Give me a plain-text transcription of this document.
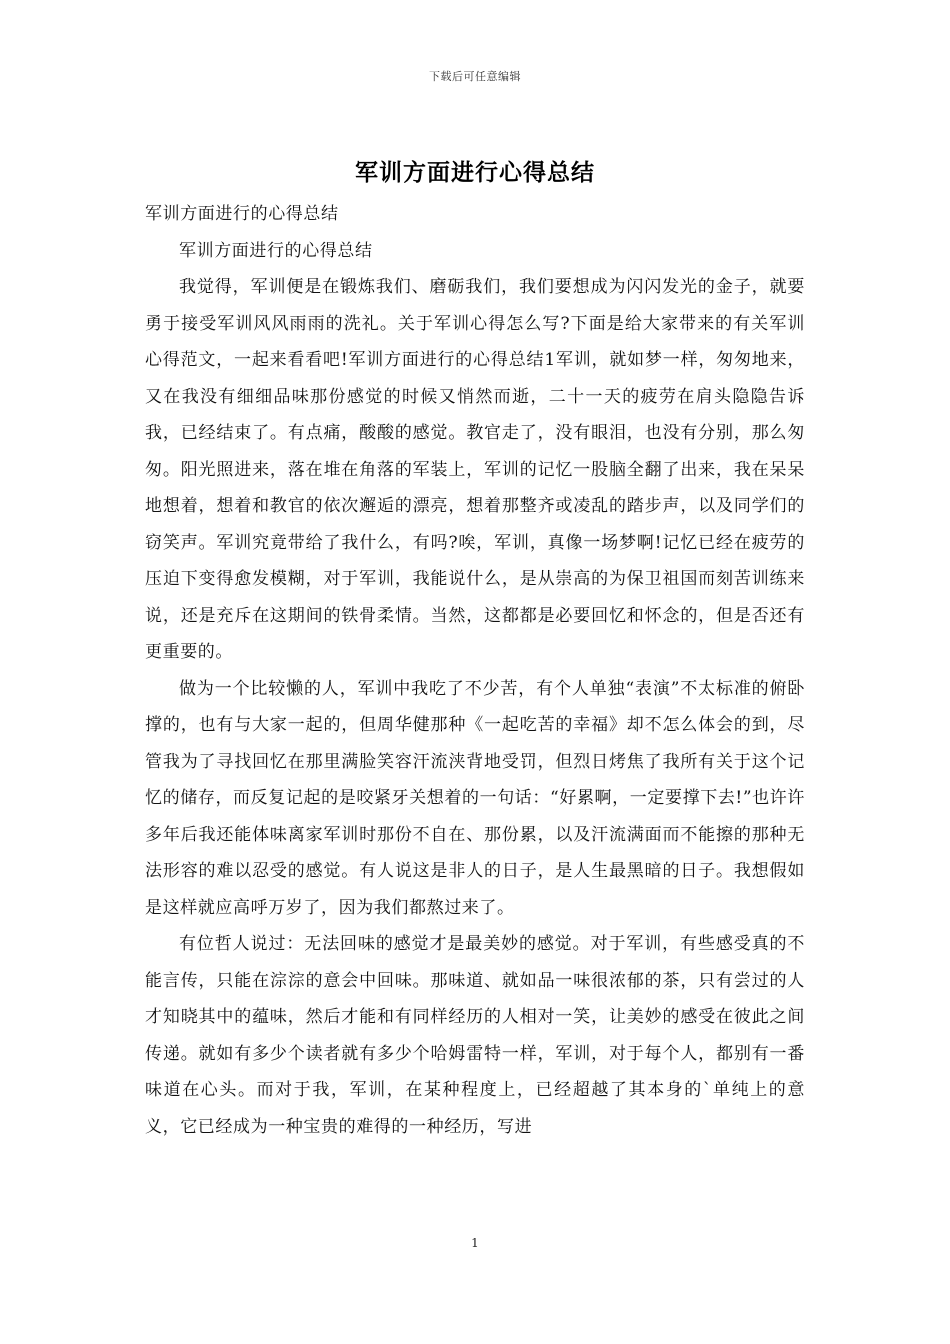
下载后可任意编辑
军训方面进行心得总结

军训方面进行的心得总结

军训方面进行的心得总结

我觉得，军训便是在锻炼我们、磨砺我们，我们要想成为闪闪发光的金子，就要勇于接受军训风风雨雨的洗礼。关于军训心得怎么写?下面是给大家带来的有关军训心得范文，一起来看看吧!军训方面进行的心得总结1军训，就如梦一样，匆匆地来，又在我没有细细品味那份感觉的时候又悄然而逝，二十一天的疲劳在肩头隐隐告诉我，已经结束了。有点痛，酸酸的感觉。教官走了，没有眼泪，也没有分别，那么匆匆。阳光照进来，落在堆在角落的军装上，军训的记忆一股脑全翻了出来，我在呆呆地想着，想着和教官的依次邂逅的漂亮，想着那整齐或凌乱的踏步声，以及同学们的窃笑声。军训究竟带给了我什么，有吗?唉，军训，真像一场梦啊!记忆已经在疲劳的压迫下变得愈发模糊，对于军训，我能说什么，是从崇高的为保卫祖国而刻苦训练来说，还是充斥在这期间的铁骨柔情。当然，这都都是必要回忆和怀念的，但是否还有更重要的。

做为一个比较懒的人，军训中我吃了不少苦，有个人单独“表演”不太标准的俯卧撑的，也有与大家一起的，但周华健那种《一起吃苦的幸福》却不怎么体会的到，尽管我为了寻找回忆在那里满脸笑容汗流浃背地受罚，但烈日烤焦了我所有关于这个记忆的储存，而反复记起的是咬紧牙关想着的一句话：“好累啊，一定要撑下去!”也许许多年后我还能体味离家军训时那份不自在、那份累，以及汗流满面而不能擦的那种无法形容的难以忍受的感觉。有人说这是非人的日子，是人生最黑暗的日子。我想假如是这样就应高呼万岁了，因为我们都熬过来了。

有位哲人说过：无法回味的感觉才是最美妙的感觉。对于军训，有些感受真的不能言传，只能在淙淙的意会中回味。那味道、就如品一味很浓郁的茶，只有尝过的人才知晓其中的蕴味，然后才能和有同样经历的人相对一笑，让美妙的感受在彼此之间传递。就如有多少个读者就有多少个哈姆雷特一样，军训，对于每个人，都别有一番味道在心头。而对于我，军训，在某种程度上，已经超越了其本身的`单纯上的意义，它已经成为一种宝贵的难得的一种经历，写进

1
